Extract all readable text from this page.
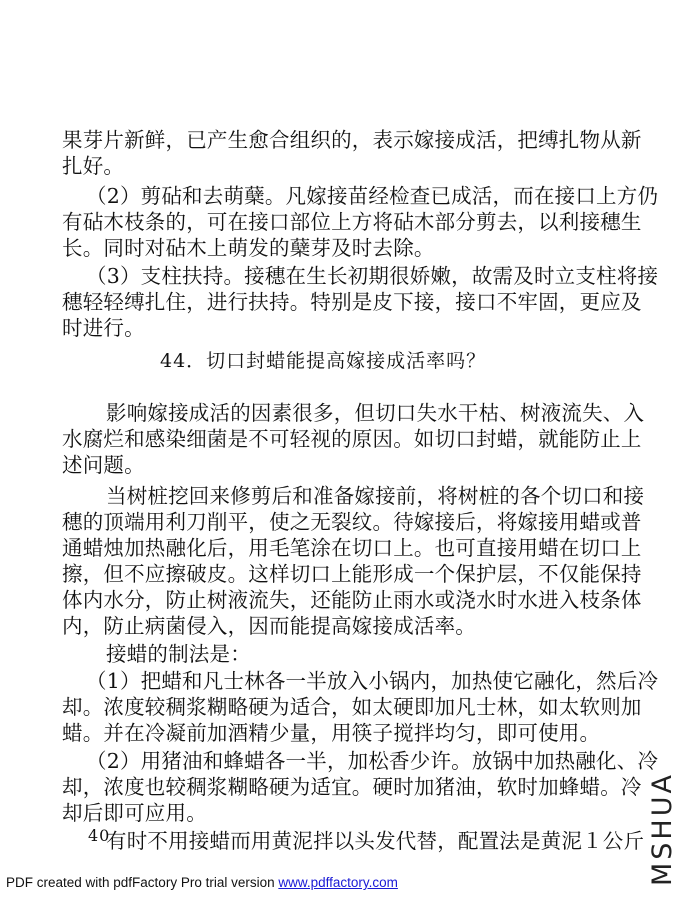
果芽片新鲜，已产生愈合组织的，表示嫁接成活，把缚扎物从新
扎好。
（2）剪砧和去萌蘖。凡嫁接苗经检查已成活，而在接口上方仍
有砧木枝条的，可在接口部位上方将砧木部分剪去，以利接穗生
长。同时对砧木上萌发的蘖芽及时去除。
（3）支柱扶持。接穗在生长初期很娇嫩，故需及时立支柱将接
穗轻轻缚扎住，进行扶持。特别是皮下接，接口不牢固，更应及
时进行。
44．切口封蜡能提高嫁接成活率吗？
影响嫁接成活的因素很多，但切口失水干枯、树液流失、入
水腐烂和感染细菌是不可轻视的原因。如切口封蜡，就能防止上
述问题。
当树桩挖回来修剪后和准备嫁接前，将树桩的各个切口和接
穗的顶端用利刀削平，使之无裂纹。待嫁接后，将嫁接用蜡或普
通蜡烛加热融化后，用毛笔涂在切口上。也可直接用蜡在切口上
擦，但不应擦破皮。这样切口上能形成一个保护层，不仅能保持
体内水分，防止树液流失，还能防止雨水或浇水时水进入枝条体
内，防止病菌侵入，因而能提高嫁接成活率。
接蜡的制法是：
（1）把蜡和凡士林各一半放入小锅内，加热使它融化，然后冷
却。浓度较稠浆糊略硬为适合，如太硬即加凡士林，如太软则加
蜡。并在冷凝前加酒精少量，用筷子搅拌均匀，即可使用。
（2）用猪油和蜂蜡各一半，加松香少许。放锅中加热融化、冷
却，浓度也较稠浆糊略硬为适宜。硬时加猪油，软时加蜂蜡。冷
却后即可应用。
有时不用接蜡而用黄泥拌以头发代替，配置法是黄泥１公斤
40
PDF created with pdfFactory Pro trial version www.pdffactory.com	MSHUA
